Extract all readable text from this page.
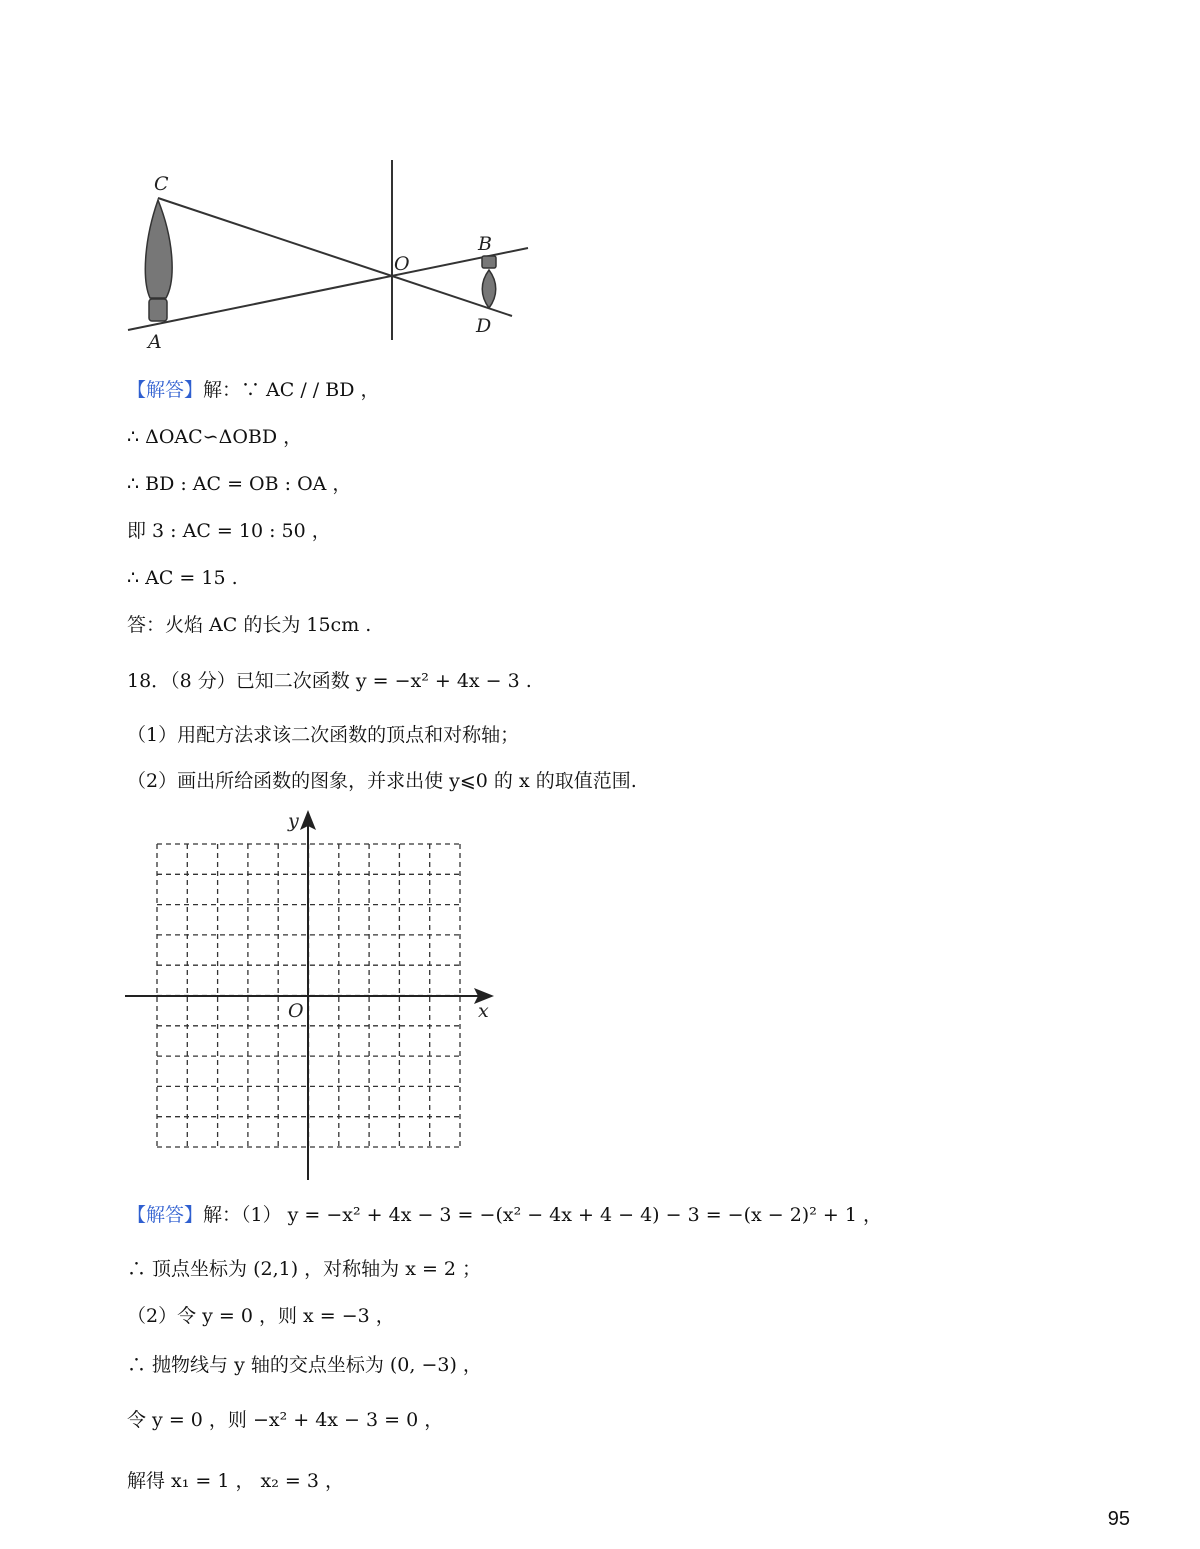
C
A
O
B
D
【解答】解：∵ AC / / BD ，
∴ ΔOAC∽ΔOBD ，
∴ BD : AC = OB : OA ，
即 3 : AC = 10 : 50 ，
∴ AC = 15 .
答：火焰 AC 的长为 15cm .
18．（8 分）已知二次函数 y = −x² + 4x − 3 .
（1）用配方法求该二次函数的顶点和对称轴；
（2）画出所给函数的图象，并求出使 y⩽0 的 x 的取值范围.
y
x
O
【解答】解：（1） y = −x² + 4x − 3 = −(x² − 4x + 4 − 4) − 3 = −(x − 2)² + 1 ，
∴ 顶点坐标为 (2,1) ，对称轴为 x = 2 ；
（2）令 y = 0 ，则 x = −3 ，
∴ 抛物线与 y 轴的交点坐标为 (0, −3) ，
令 y = 0 ，则 −x² + 4x − 3 = 0 ，
解得 x₁ = 1 ， x₂ = 3 ，
95
